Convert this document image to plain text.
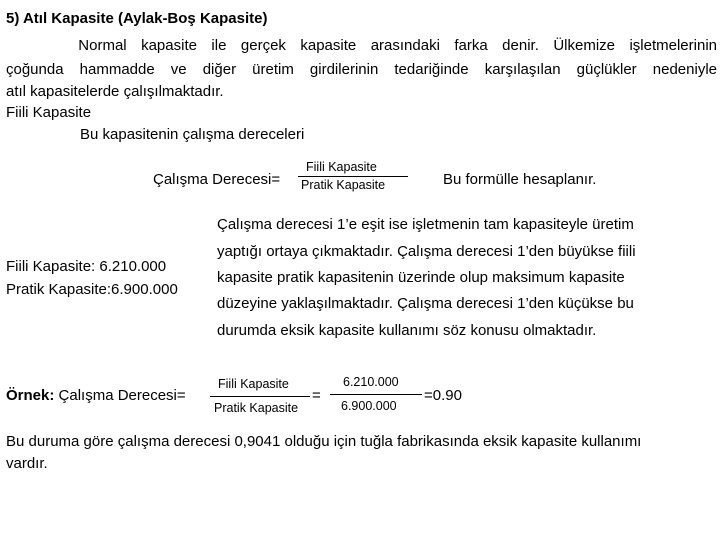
5) Atıl Kapasite (Aylak-Boş Kapasite)
Normal kapasite ile gerçek kapasite arasındaki farka denir. Ülkemize işletmelerinin
çoğunda hammadde ve diğer üretim girdilerinin tedariğinde karşılaşılan güçlükler nedeniyle
atıl kapasitelerde çalışılmaktadır.
Fiili Kapasite
Bu kapasitenin çalışma dereceleri
Çalışma Derecesi=
Fiili Kapasite
Pratik Kapasite	Bu formülle hesaplanır.
Fiili Kapasite: 6.210.000
Pratik Kapasite:6.900.000
Çalışma derecesi 1’e eşit ise işletmenin tam kapasiteyle üretim
yaptığı ortaya çıkmaktadır. Çalışma derecesi 1’den büyükse fiili
kapasite pratik kapasitenin üzerinde olup maksimum kapasite
düzeyine yaklaşılmaktadır. Çalışma derecesi 1’den küçükse bu
durumda eksik kapasite kullanımı söz konusu olmaktadır.
Örnek: Çalışma Derecesi=
Fiili Kapasite
Pratik Kapasite
=
6.210.000
6.900.000
=0.90
Bu duruma göre çalışma derecesi 0,9041 olduğu için tuğla fabrikasında eksik kapasite kullanımı
vardır.
